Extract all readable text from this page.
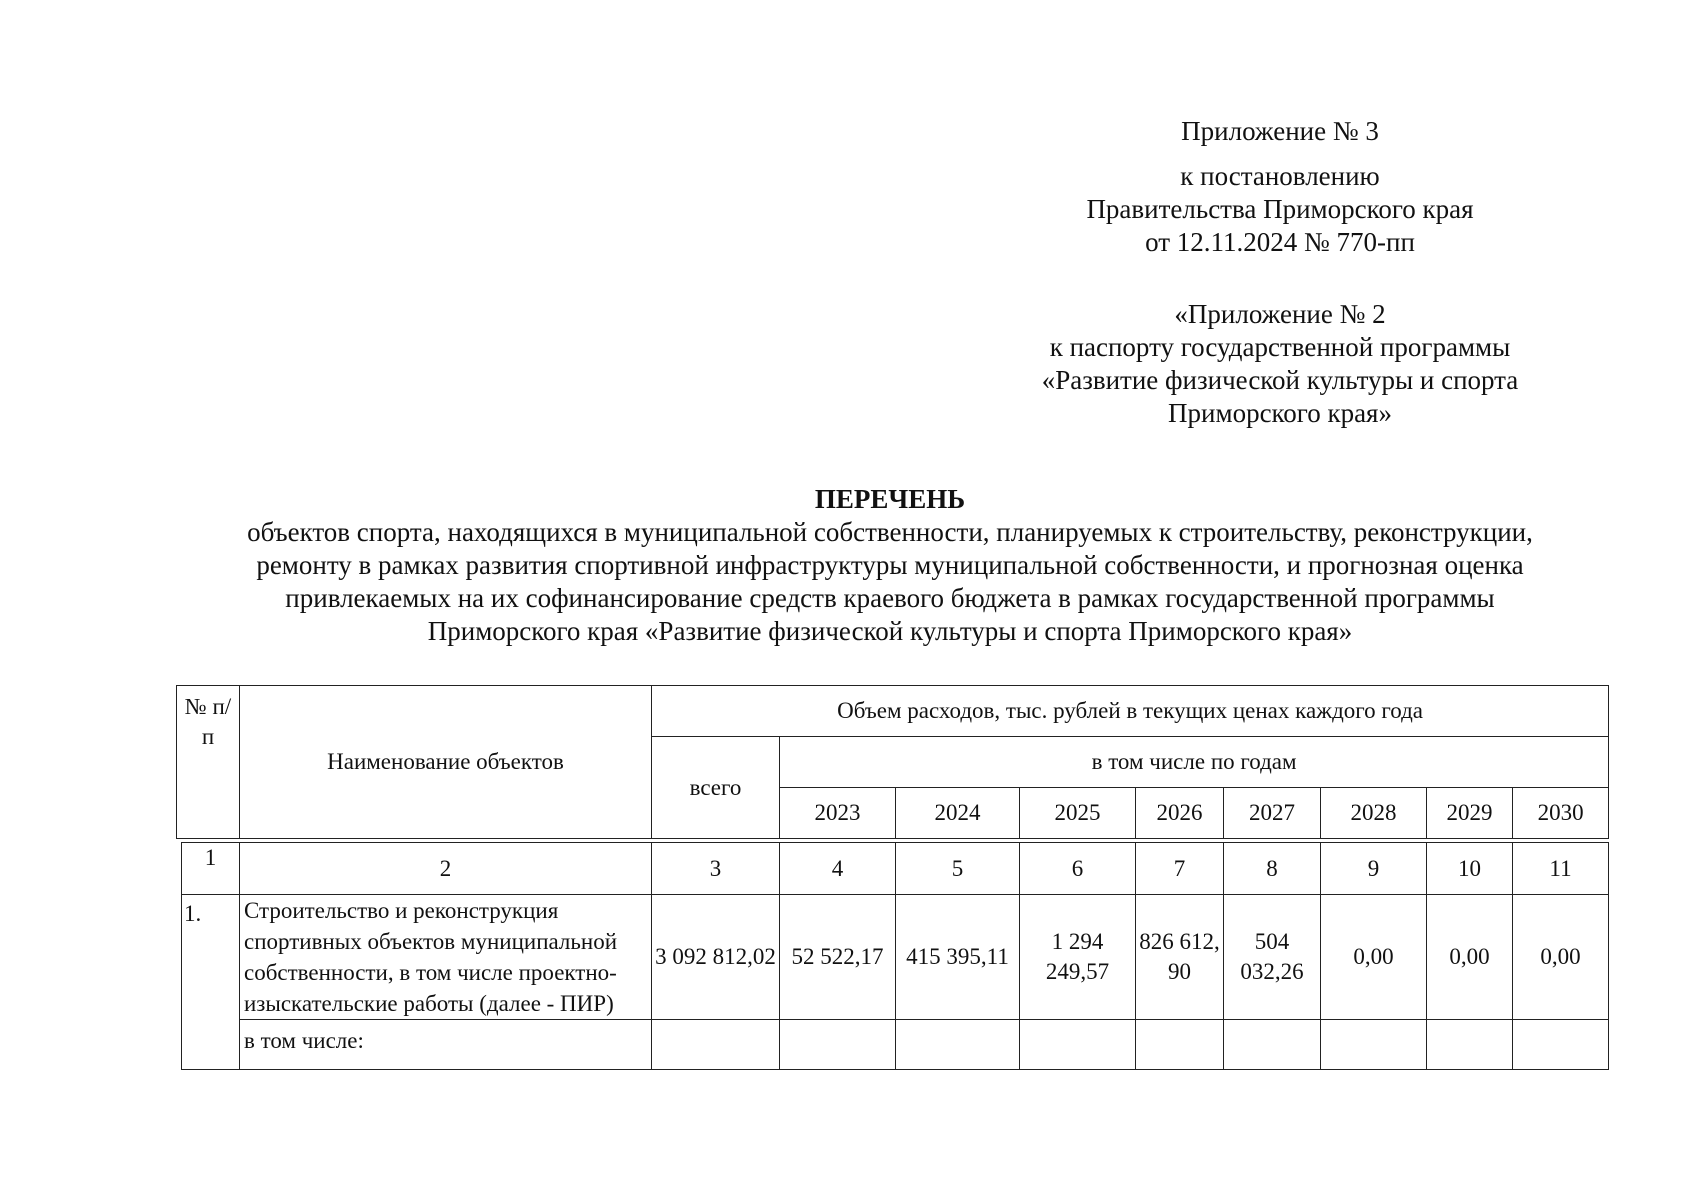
Приложение № 3
к постановлению
Правительства Приморского края
от 12.11.2024 № 770-пп
«Приложение № 2
к паспорту государственной программы
«Развитие физической культуры и спорта
Приморского края»
ПЕРЕЧЕНЬ
объектов спорта, находящихся в муниципальной собственности, планируемых к строительству, реконструкции,
ремонту в рамках развития спортивной инфраструктуры муниципальной собственности, и прогнозная оценка
привлекаемых на их софинансирование средств краевого бюджета в рамках государственной программы
Приморского края «Развитие физической культуры и спорта Приморского края»
№ п/п	Наименование объектов	Объем расходов, тыс. рублей в текущих ценах каждого года								
		всего	в том числе по годам							
			2023	2024	2025	2026	2027	2028	2029	2030
1	2	3	4	5	6	7	8	9	10	11
1.	Строительство и реконструкция спортивных объектов муниципальной собственности, в том числе проектно-изыскательские работы (далее - ПИР)	3 092 812,02	52 522,17	415 395,11	1 294 249,57	826 612,90	504 032,26	0,00	0,00	0,00
	в том числе:									
